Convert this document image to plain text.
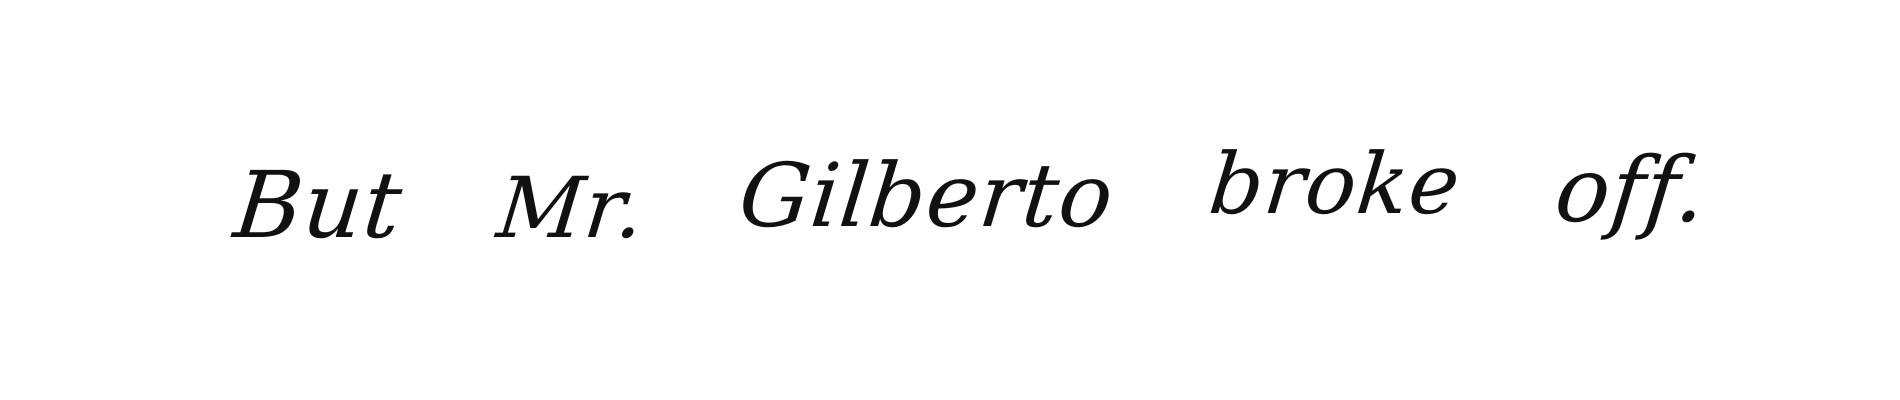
But Mr. Gilberto broke off.
